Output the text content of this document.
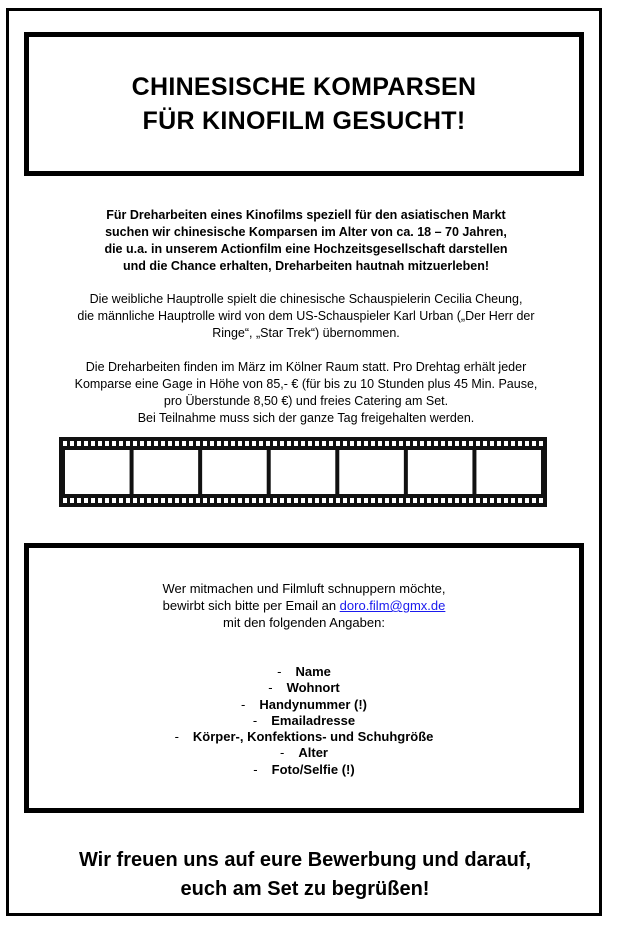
CHINESISCHE KOMPARSEN
FÜR KINOFILM GESUCHT!
Für Dreharbeiten eines Kinofilms speziell für den asiatischen Markt
suchen wir chinesische Komparsen im Alter von ca. 18 – 70 Jahren,
die u.a. in unserem Actionfilm eine Hochzeitsgesellschaft darstellen
und die Chance erhalten, Dreharbeiten hautnah mitzuerleben!
Die weibliche Hauptrolle spielt die chinesische Schauspielerin Cecilia Cheung,
die männliche Hauptrolle wird von dem US-Schauspieler Karl Urban („Der Herr der
Ringe“, „Star Trek“) übernommen.
Die Dreharbeiten finden im März im Kölner Raum statt. Pro Drehtag erhält jeder
Komparse eine Gage in Höhe von 85,- € (für bis zu 10 Stunden plus 45 Min. Pause,
pro Überstunde 8,50 €) und freies Catering am Set.
Bei Teilnahme muss sich der ganze Tag freigehalten werden.
Wer mitmachen und Filmluft schnuppern möchte,
bewirbt sich bitte per Email an doro.film@gmx.de
mit den folgenden Angaben:
- Name
- Wohnort
- Handynummer (!)
- Emailadresse
- Körper-, Konfektions- und Schuhgröße
- Alter
- Foto/Selfie (!)
Wir freuen uns auf eure Bewerbung und darauf,
euch am Set zu begrüßen!
